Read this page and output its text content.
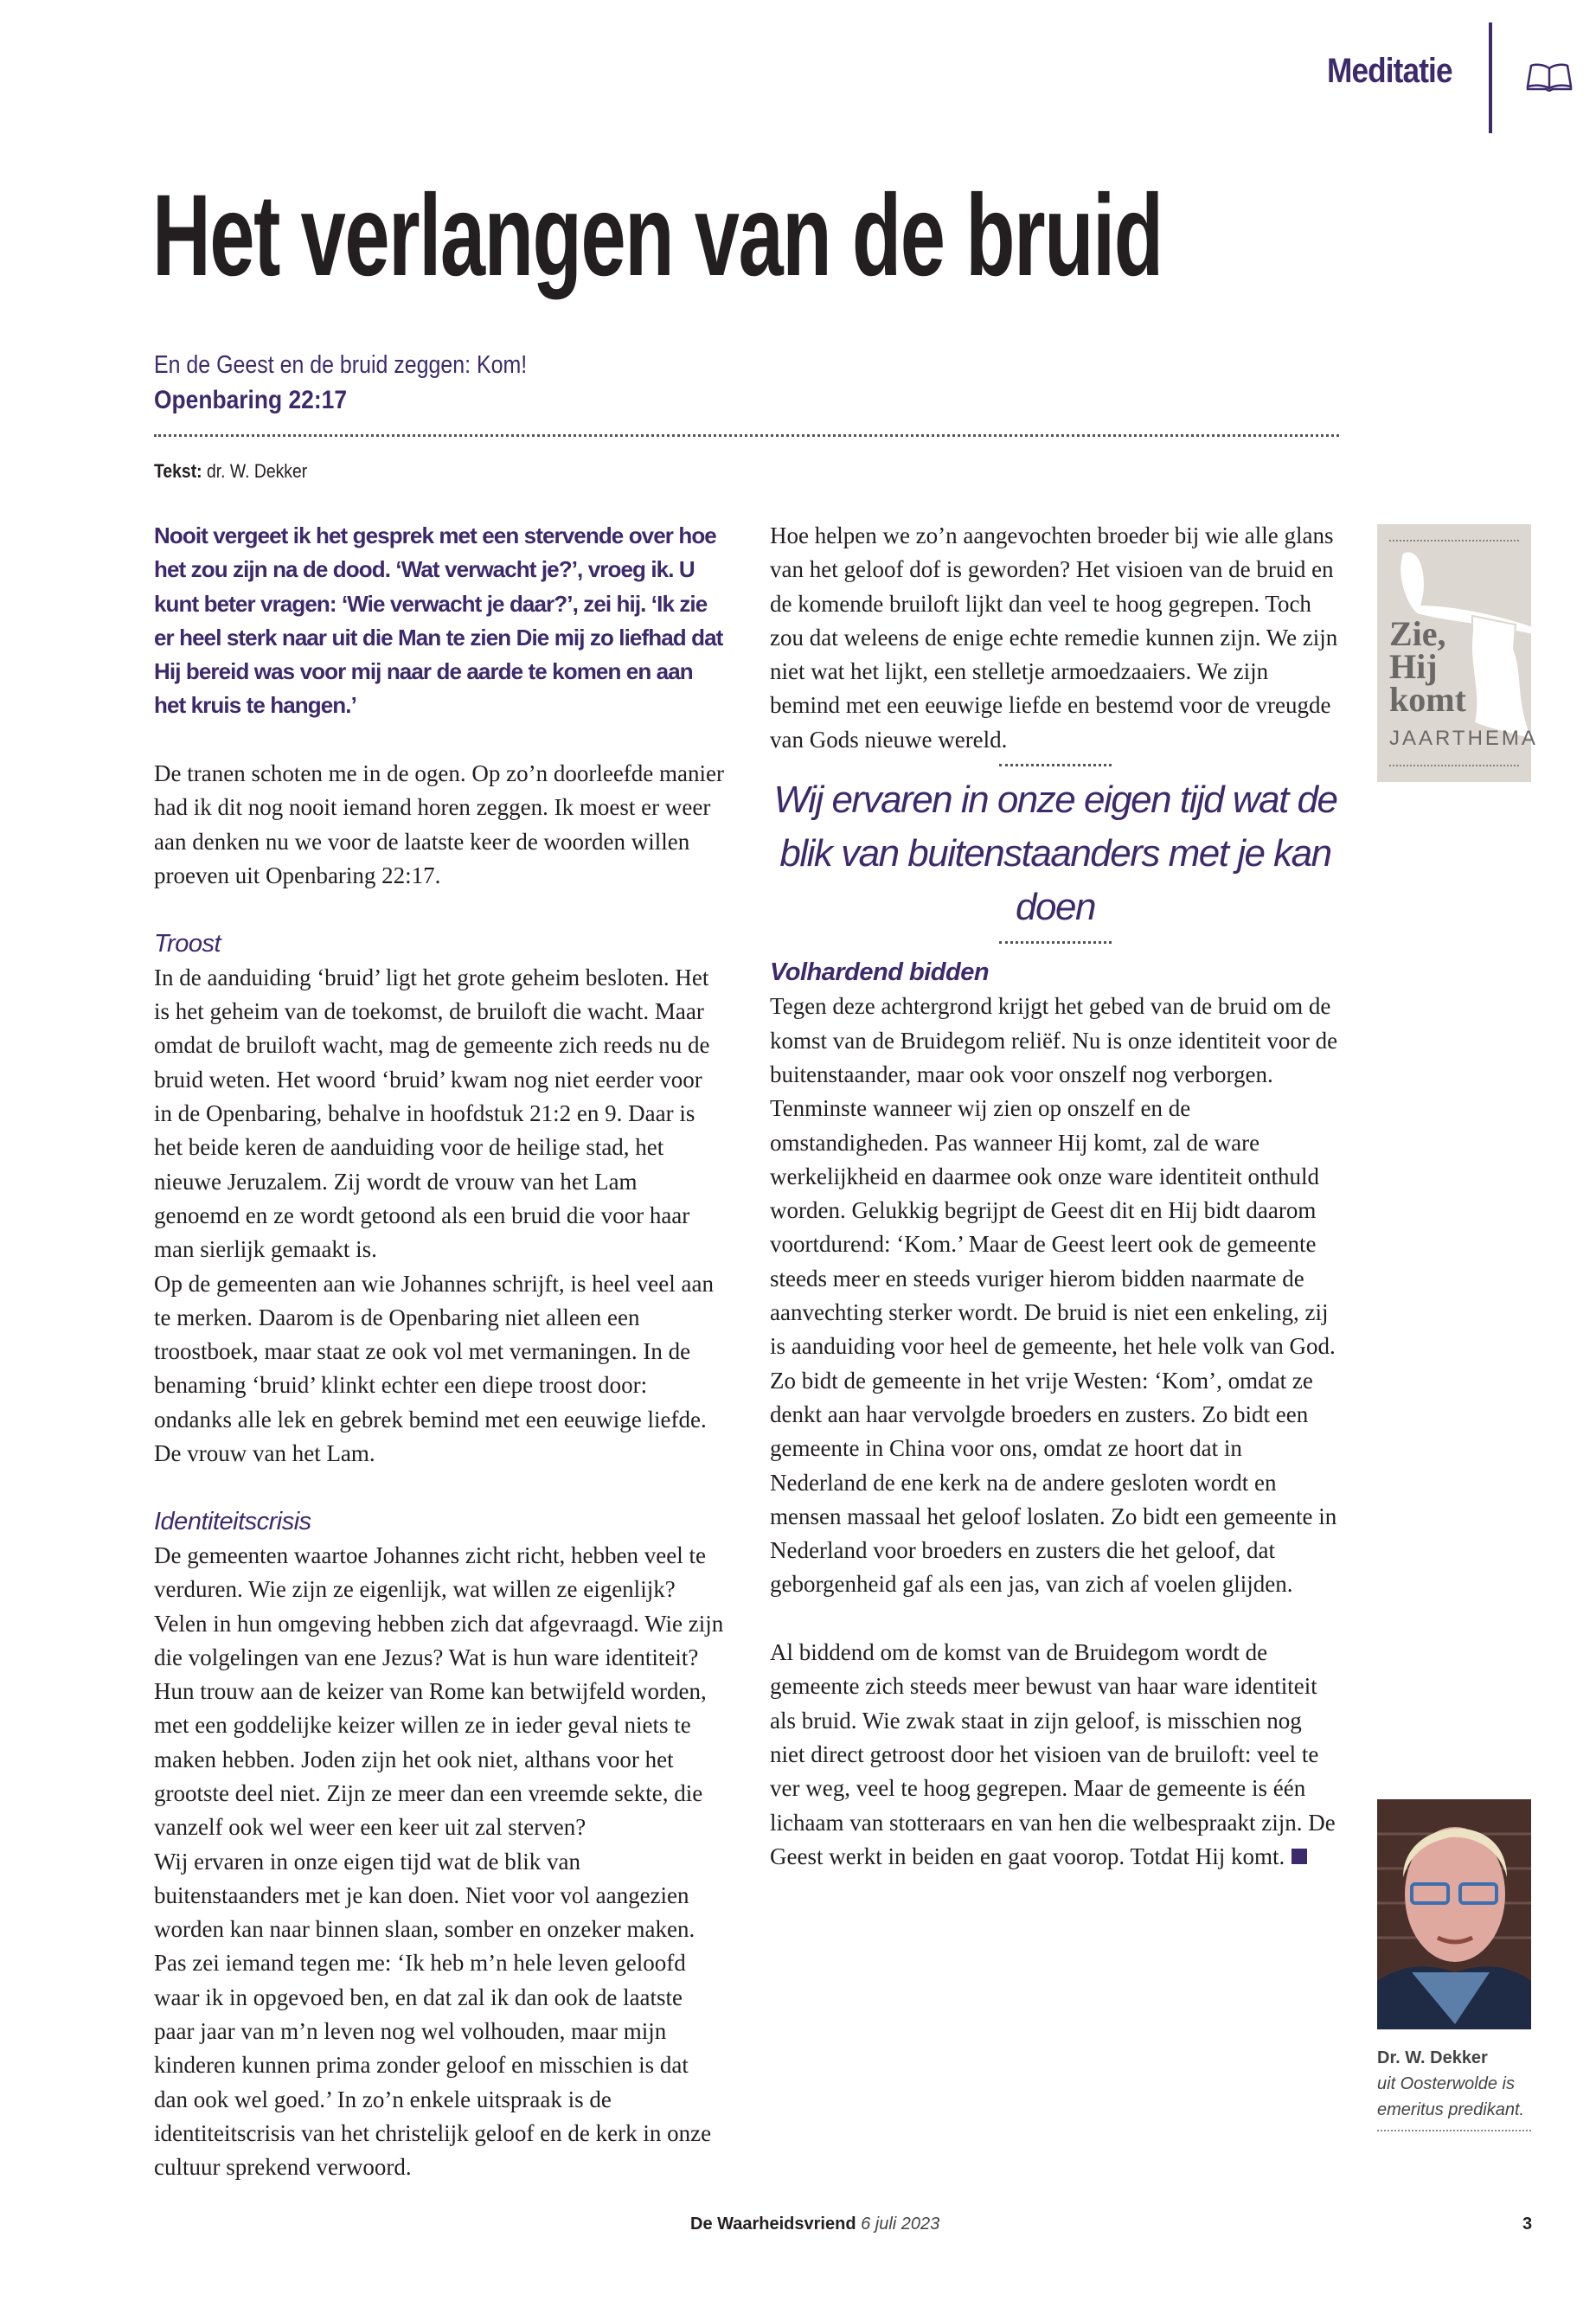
Meditatie
Het verlangen van de bruid
En de Geest en de bruid zeggen: Kom!
Openbaring 22:17
Tekst: dr. W. Dekker

Nooit vergeet ik het gesprek met een stervende over hoe het zou zijn na de dood. ‘Wat verwacht je?’, vroeg ik. U kunt beter vragen: ‘Wie verwacht je daar?’, zei hij. ‘Ik zie er heel sterk naar uit die Man te zien Die mij zo liefhad dat Hij bereid was voor mij naar de aarde te komen en aan het kruis te hangen.’

De tranen schoten me in de ogen. Op zo’n doorleefde manier had ik dit nog nooit iemand horen zeggen. Ik moest er weer aan denken nu we voor de laatste keer de woorden willen proeven uit Openbaring 22:17.

Troost

In de aanduiding ‘bruid’ ligt het grote geheim besloten. Het is het geheim van de toekomst, de bruiloft die wacht. Maar omdat de bruiloft wacht, mag de gemeente zich reeds nu de bruid weten. Het woord ‘bruid’ kwam nog niet eerder voor in de Openbaring, behalve in hoofdstuk 21:2 en 9. Daar is het beide keren de aanduiding voor de heilige stad, het nieuwe Jeruzalem. Zij wordt de vrouw van het Lam genoemd en ze wordt getoond als een bruid die voor haar man sierlijk gemaakt is.

Op de gemeenten aan wie Johannes schrijft, is heel veel aan te merken. Daarom is de Openbaring niet alleen een troostboek, maar staat ze ook vol met vermaningen. In de benaming ‘bruid’ klinkt echter een diepe troost door: ondanks alle lek en gebrek bemind met een eeuwige liefde. De vrouw van het Lam.

Identiteitscrisis

De gemeenten waartoe Johannes zicht richt, hebben veel te verduren. Wie zijn ze eigenlijk, wat willen ze eigenlijk? Velen in hun omgeving hebben zich dat afgevraagd. Wie zijn die volgelingen van ene Jezus? Wat is hun ware identiteit? Hun trouw aan de keizer van Rome kan betwijfeld worden, met een goddelijke keizer willen ze in ieder geval niets te maken hebben. Joden zijn het ook niet, althans voor het grootste deel niet. Zijn ze meer dan een vreemde sekte, die vanzelf ook wel weer een keer uit zal sterven?

Wij ervaren in onze eigen tijd wat de blik van buitenstaanders met je kan doen. Niet voor vol aangezien worden kan naar binnen slaan, somber en onzeker maken. Pas zei iemand tegen me: ‘Ik heb m’n hele leven geloofd waar ik in opgevoed ben, en dat zal ik dan ook de laatste paar jaar van m’n leven nog wel volhouden, maar mijn kinderen kunnen prima zonder geloof en misschien is dat dan ook wel goed.’ In zo’n enkele uitspraak is de identiteitscrisis van het christelijk geloof en de kerk in onze cultuur sprekend verwoord.

Hoe helpen we zo’n aangevochten broeder bij wie alle glans van het geloof dof is geworden? Het visioen van de bruid en de komende bruiloft lijkt dan veel te hoog gegrepen. Toch zou dat weleens de enige echte remedie kunnen zijn. We zijn niet wat het lijkt, een stelletje armoedzaaiers. We zijn bemind met een eeuwige liefde en bestemd voor de vreugde van Gods nieuwe wereld.

Wij ervaren in onze eigen tijd wat de blik van buitenstaanders met je kan doen

Volhardend bidden

Tegen deze achtergrond krijgt het gebed van de bruid om de komst van de Bruidegom reliëf. Nu is onze identiteit voor de buitenstaander, maar ook voor onszelf nog verborgen. Tenminste wanneer wij zien op onszelf en de omstandigheden. Pas wanneer Hij komt, zal de ware werkelijkheid en daarmee ook onze ware identiteit onthuld worden. Gelukkig begrijpt de Geest dit en Hij bidt daarom voortdurend: ‘Kom.’ Maar de Geest leert ook de gemeente steeds meer en steeds vuriger hierom bidden naarmate de aanvechting sterker wordt. De bruid is niet een enkeling, zij is aanduiding voor heel de gemeente, het hele volk van God. Zo bidt de gemeente in het vrije Westen: ‘Kom’, omdat ze denkt aan haar vervolgde broeders en zusters. Zo bidt een gemeente in China voor ons, omdat ze hoort dat in Nederland de ene kerk na de andere gesloten wordt en mensen massaal het geloof loslaten. Zo bidt een gemeente in Nederland voor broeders en zusters die het geloof, dat geborgenheid gaf als een jas, van zich af voelen glijden.

Al biddend om de komst van de Bruidegom wordt de gemeente zich steeds meer bewust van haar ware identiteit als bruid. Wie zwak staat in zijn geloof, is misschien nog niet direct getroost door het visioen van de bruiloft: veel te ver weg, veel te hoog gegrepen. Maar de gemeente is één lichaam van stotteraars en van hen die welbespraakt zijn. De Geest werkt in beiden en gaat voorop. Totdat Hij komt.

Zie,
Hij
komt
JAARTHEMA
Dr. W. Dekker
uit Oosterwolde is emeritus predikant.
De Waarheidsvriend 6 juli 2023	3
